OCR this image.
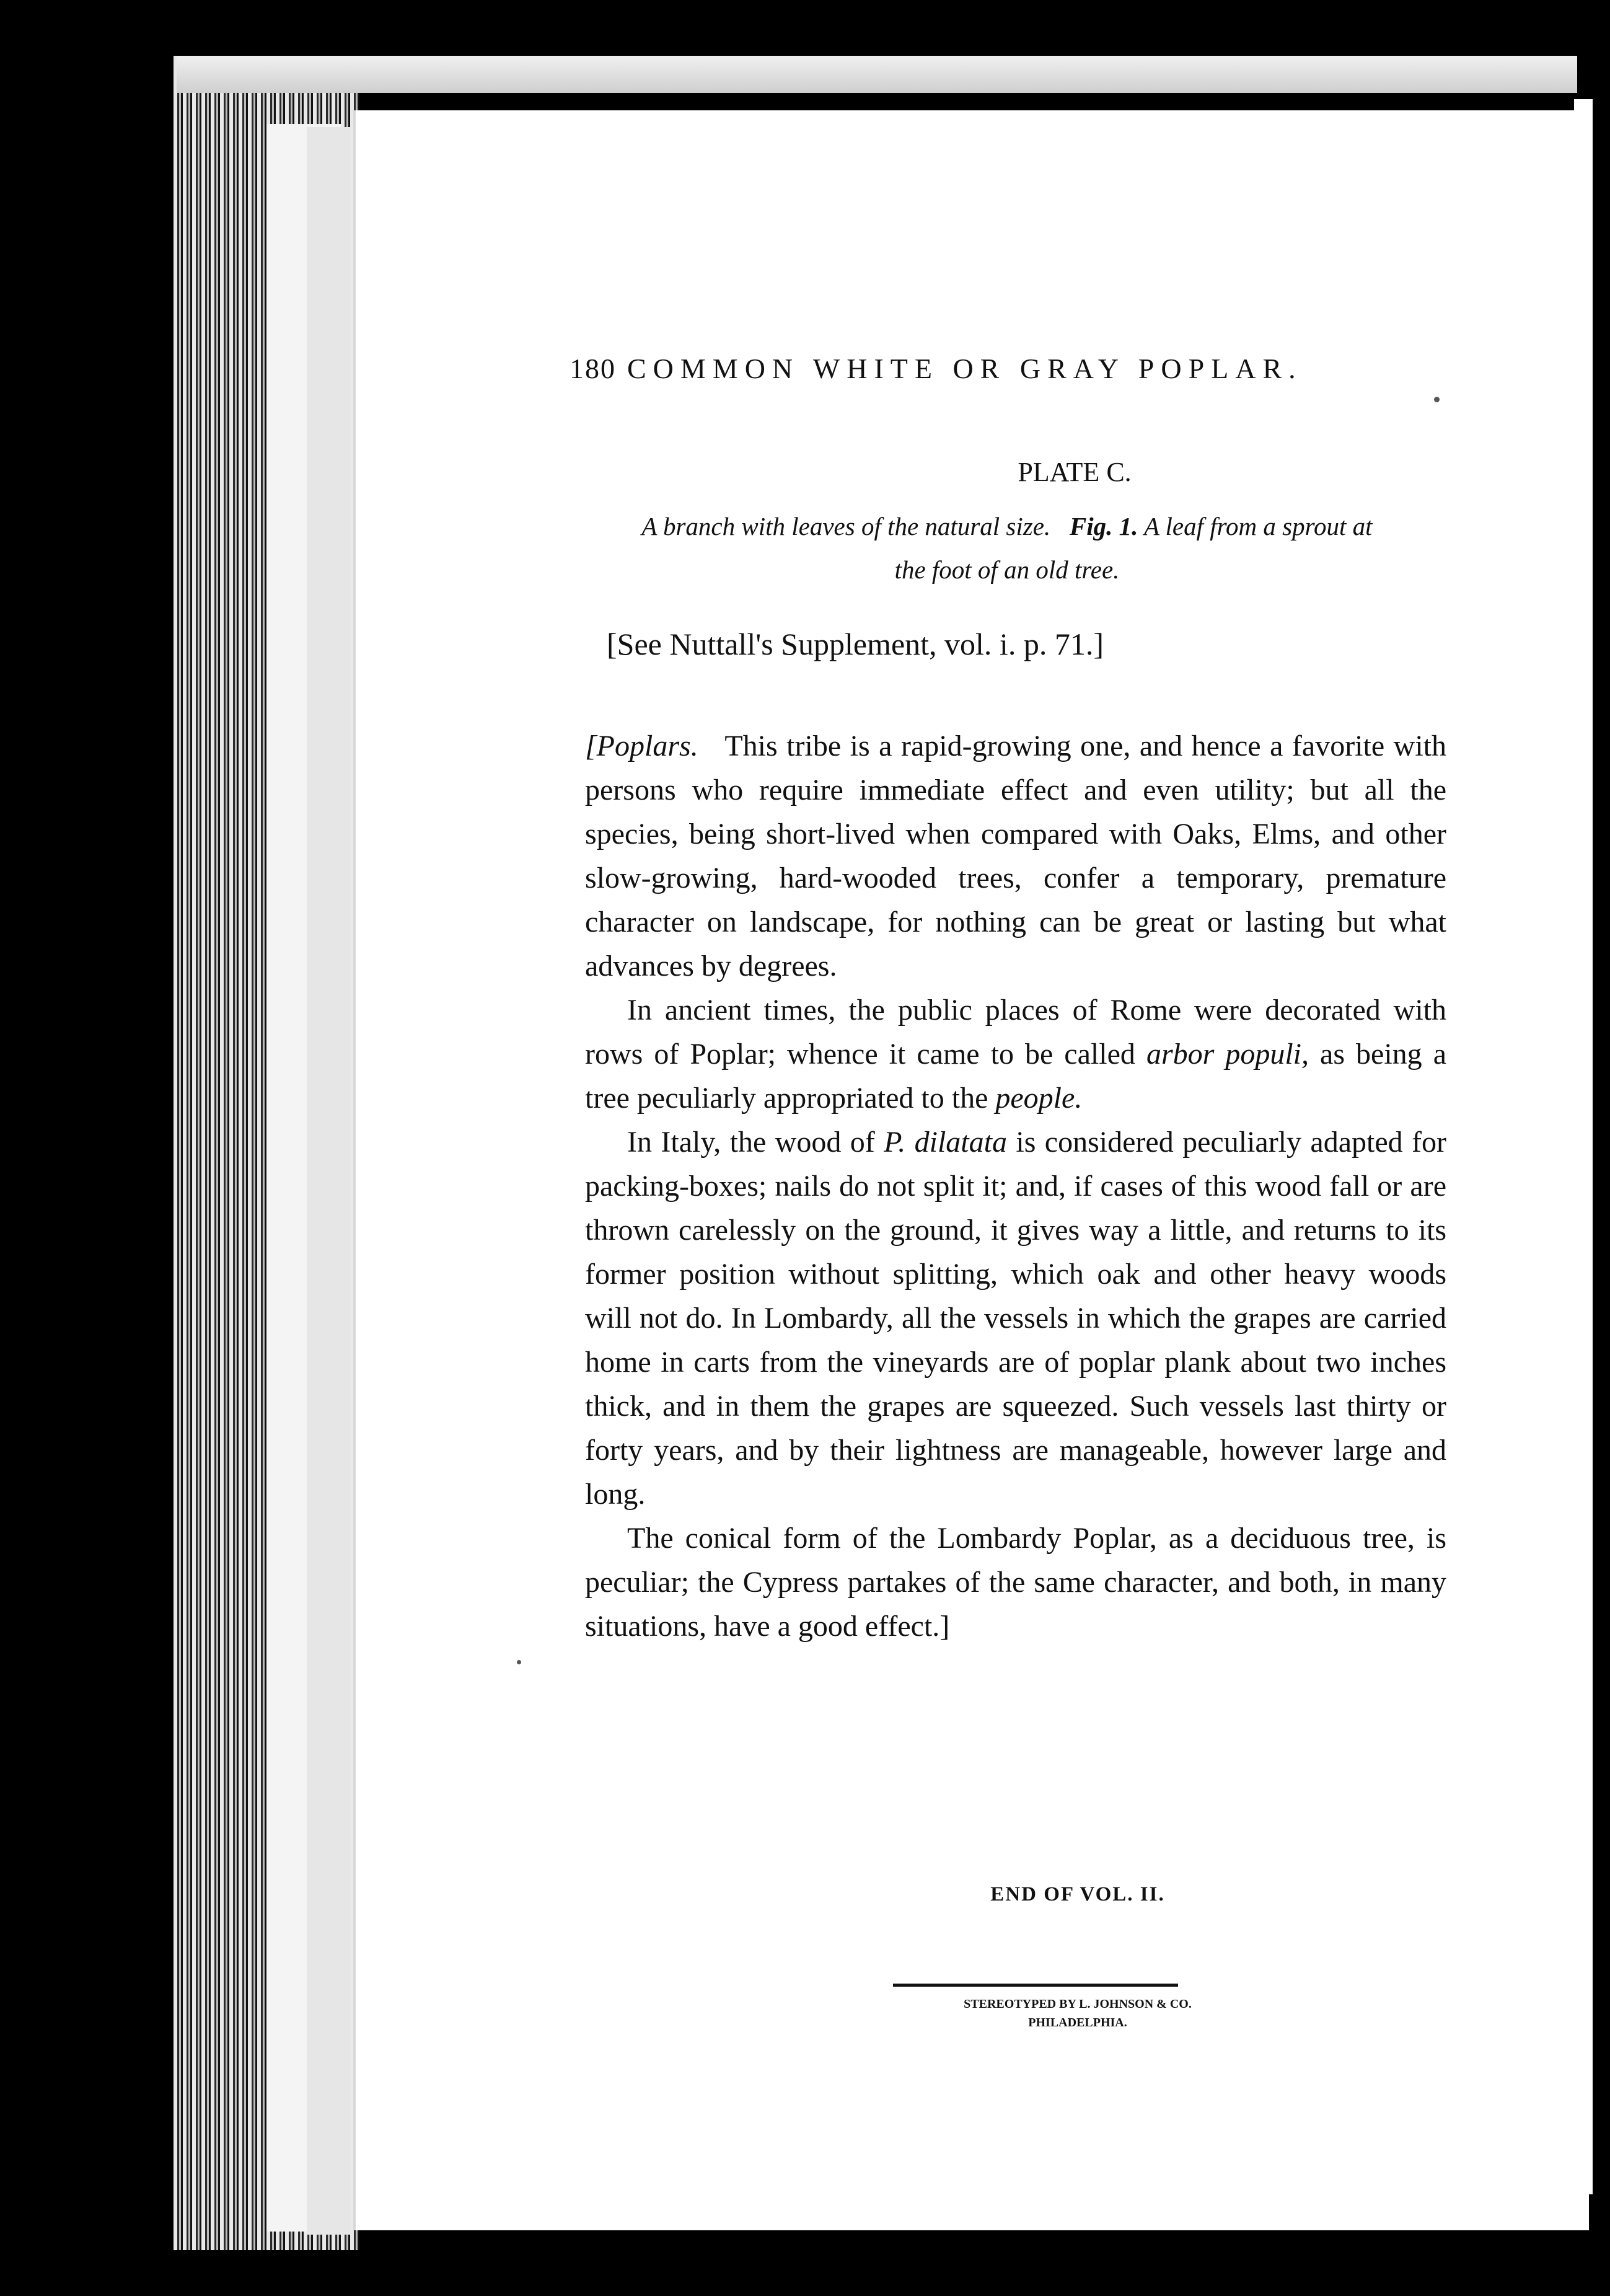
180 COMMON WHITE OR GRAY POPLAR.
PLATE C.
A branch with leaves of the natural size. Fig. 1. A leaf from a sprout at
the foot of an old tree.
[See Nuttall's Supplement, vol. i. p. 71.]

[Poplars. This tribe is a rapid-growing one, and hence a favorite with persons who require immediate effect and even utility; but all the species, being short-lived when compared with Oaks, Elms, and other slow-growing, hard-wooded trees, confer a temporary, premature character on landscape, for nothing can be great or lasting but what advances by degrees.

In ancient times, the public places of Rome were decorated with rows of Poplar; whence it came to be called arbor populi, as being a tree peculiarly appropriated to the people.

In Italy, the wood of P. dilatata is considered peculiarly adapted for packing-boxes; nails do not split it; and, if cases of this wood fall or are thrown carelessly on the ground, it gives way a little, and returns to its former position without splitting, which oak and other heavy woods will not do. In Lombardy, all the vessels in which the grapes are carried home in carts from the vineyards are of poplar plank about two inches thick, and in them the grapes are squeezed. Such vessels last thirty or forty years, and by their lightness are manageable, however large and long.

The conical form of the Lombardy Poplar, as a deciduous tree, is peculiar; the Cypress partakes of the same character, and both, in many situations, have a good effect.]

END OF VOL. II.
STEREOTYPED BY L. JOHNSON & CO.
PHILADELPHIA.
